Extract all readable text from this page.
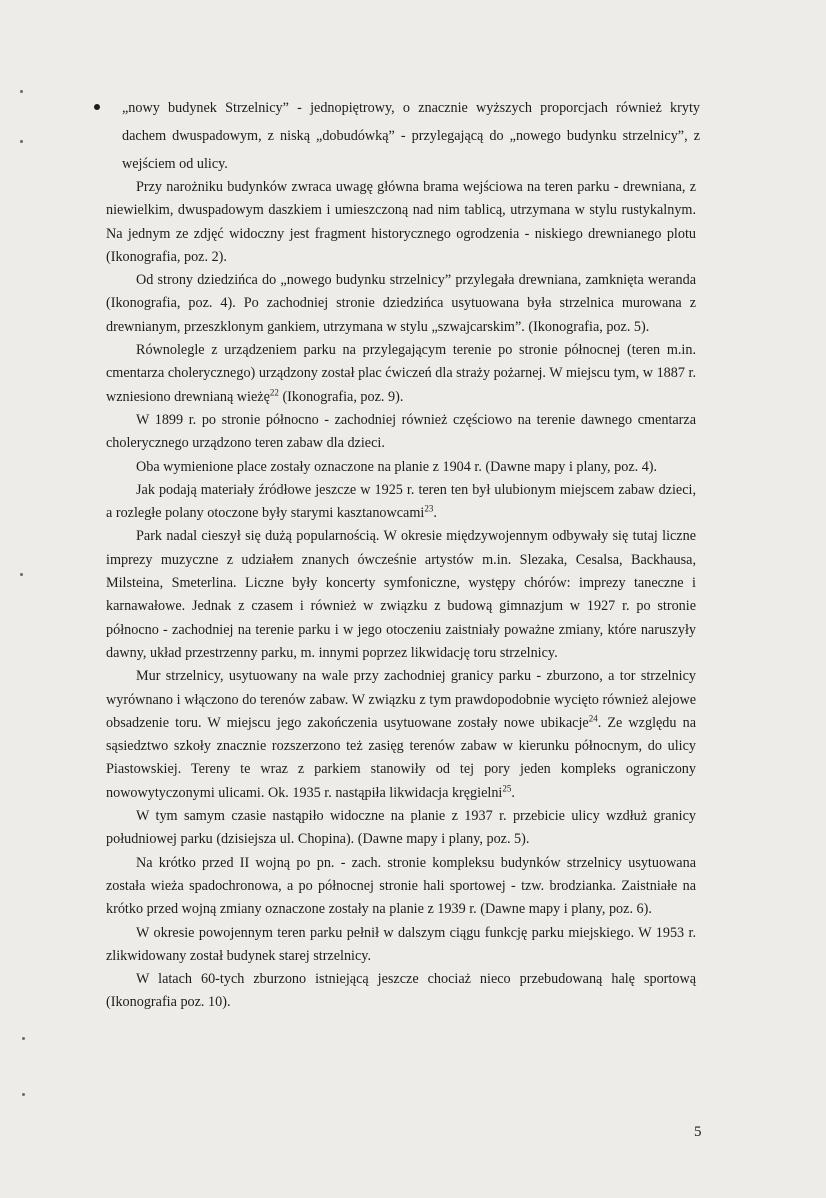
„nowy budynek Strzelnicy” - jednopiętrowy, o znacznie wyższych proporcjach również kryty dachem dwuspadowym, z niską „dobudówką” - przylegającą do „nowego budynku strzelnicy”, z wejściem od ulicy.

Przy narożniku budynków zwraca uwagę główna brama wejściowa na teren parku - drewniana, z niewielkim, dwuspadowym daszkiem i umieszczoną nad nim tablicą, utrzymana w stylu rustykalnym. Na jednym ze zdjęć widoczny jest fragment historycznego ogrodzenia - niskiego drewnianego plotu (Ikonografia, poz. 2).

Od strony dziedzińca do „nowego budynku strzelnicy” przylegała drewniana, zamknięta weranda (Ikonografia, poz. 4). Po zachodniej stronie dziedzińca usytuowana była strzelnica murowana z drewnianym, przeszklonym gankiem, utrzymana w stylu „szwajcarskim”. (Ikonografia, poz. 5).

Równolegle z urządzeniem parku na przylegającym terenie po stronie północnej (teren m.in. cmentarza cholerycznego) urządzony został plac ćwiczeń dla straży pożarnej. W miejscu tym, w 1887 r. wzniesiono drewnianą wieżę$^{22}$ (Ikonografia, poz. 9).

W 1899 r. po stronie północno - zachodniej również częściowo na terenie dawnego cmentarza cholerycznego urządzono teren zabaw dla dzieci.

Oba wymienione place zostały oznaczone na planie z 1904 r. (Dawne mapy i plany, poz. 4).

Jak podają materiały źródłowe jeszcze w 1925 r. teren ten był ulubionym miejscem zabaw dzieci, a rozległe polany otoczone były starymi kasztanowcami$^{23}$.

Park nadal cieszył się dużą popularnością. W okresie międzywojennym odbywały się tutaj liczne imprezy muzyczne z udziałem znanych ówcześnie artystów m.in. Slezaka, Cesalsa, Backhausa, Milsteina, Smeterlina. Liczne były koncerty symfoniczne, występy chórów: imprezy taneczne i karnawałowe. Jednak z czasem i również w związku z budową gimnazjum w 1927 r. po stronie północno - zachodniej na terenie parku i w jego otoczeniu zaistniały poważne zmiany, które naruszyły dawny, układ przestrzenny parku, m. innymi poprzez likwidację toru strzelnicy.

Mur strzelnicy, usytuowany na wale przy zachodniej granicy parku - zburzono, a tor strzelnicy wyrównano i włączono do terenów zabaw. W związku z tym prawdopodobnie wycięto również alejowe obsadzenie toru. W miejscu jego zakończenia usytuowane zostały nowe ubikacje$^{24}$. Ze względu na sąsiedztwo szkoły znacznie rozszerzono też zasięg terenów zabaw w kierunku północnym, do ulicy Piastowskiej. Tereny te wraz z parkiem stanowiły od tej pory jeden kompleks ograniczony nowowytyczonymi ulicami. Ok. 1935 r. nastąpiła likwidacja kręgielni$^{25}$.

W tym samym czasie nastąpiło widoczne na planie z 1937 r. przebicie ulicy wzdłuż granicy południowej parku (dzisiejsza ul. Chopina). (Dawne mapy i plany, poz. 5).

Na krótko przed II wojną po pn. - zach. stronie kompleksu budynków strzelnicy usytuowana została wieża spadochronowa, a po północnej stronie hali sportowej - tzw. brodzianka. Zaistniałe na krótko przed wojną zmiany oznaczone zostały na planie z 1939 r. (Dawne mapy i plany, poz. 6).

W okresie powojennym teren parku pełnił w dalszym ciągu funkcję parku miejskiego. W 1953 r. zlikwidowany został budynek starej strzelnicy.

W latach 60-tych zburzono istniejącą jeszcze chociaż nieco przebudowaną halę sportową (Ikonografia poz. 10).

5
